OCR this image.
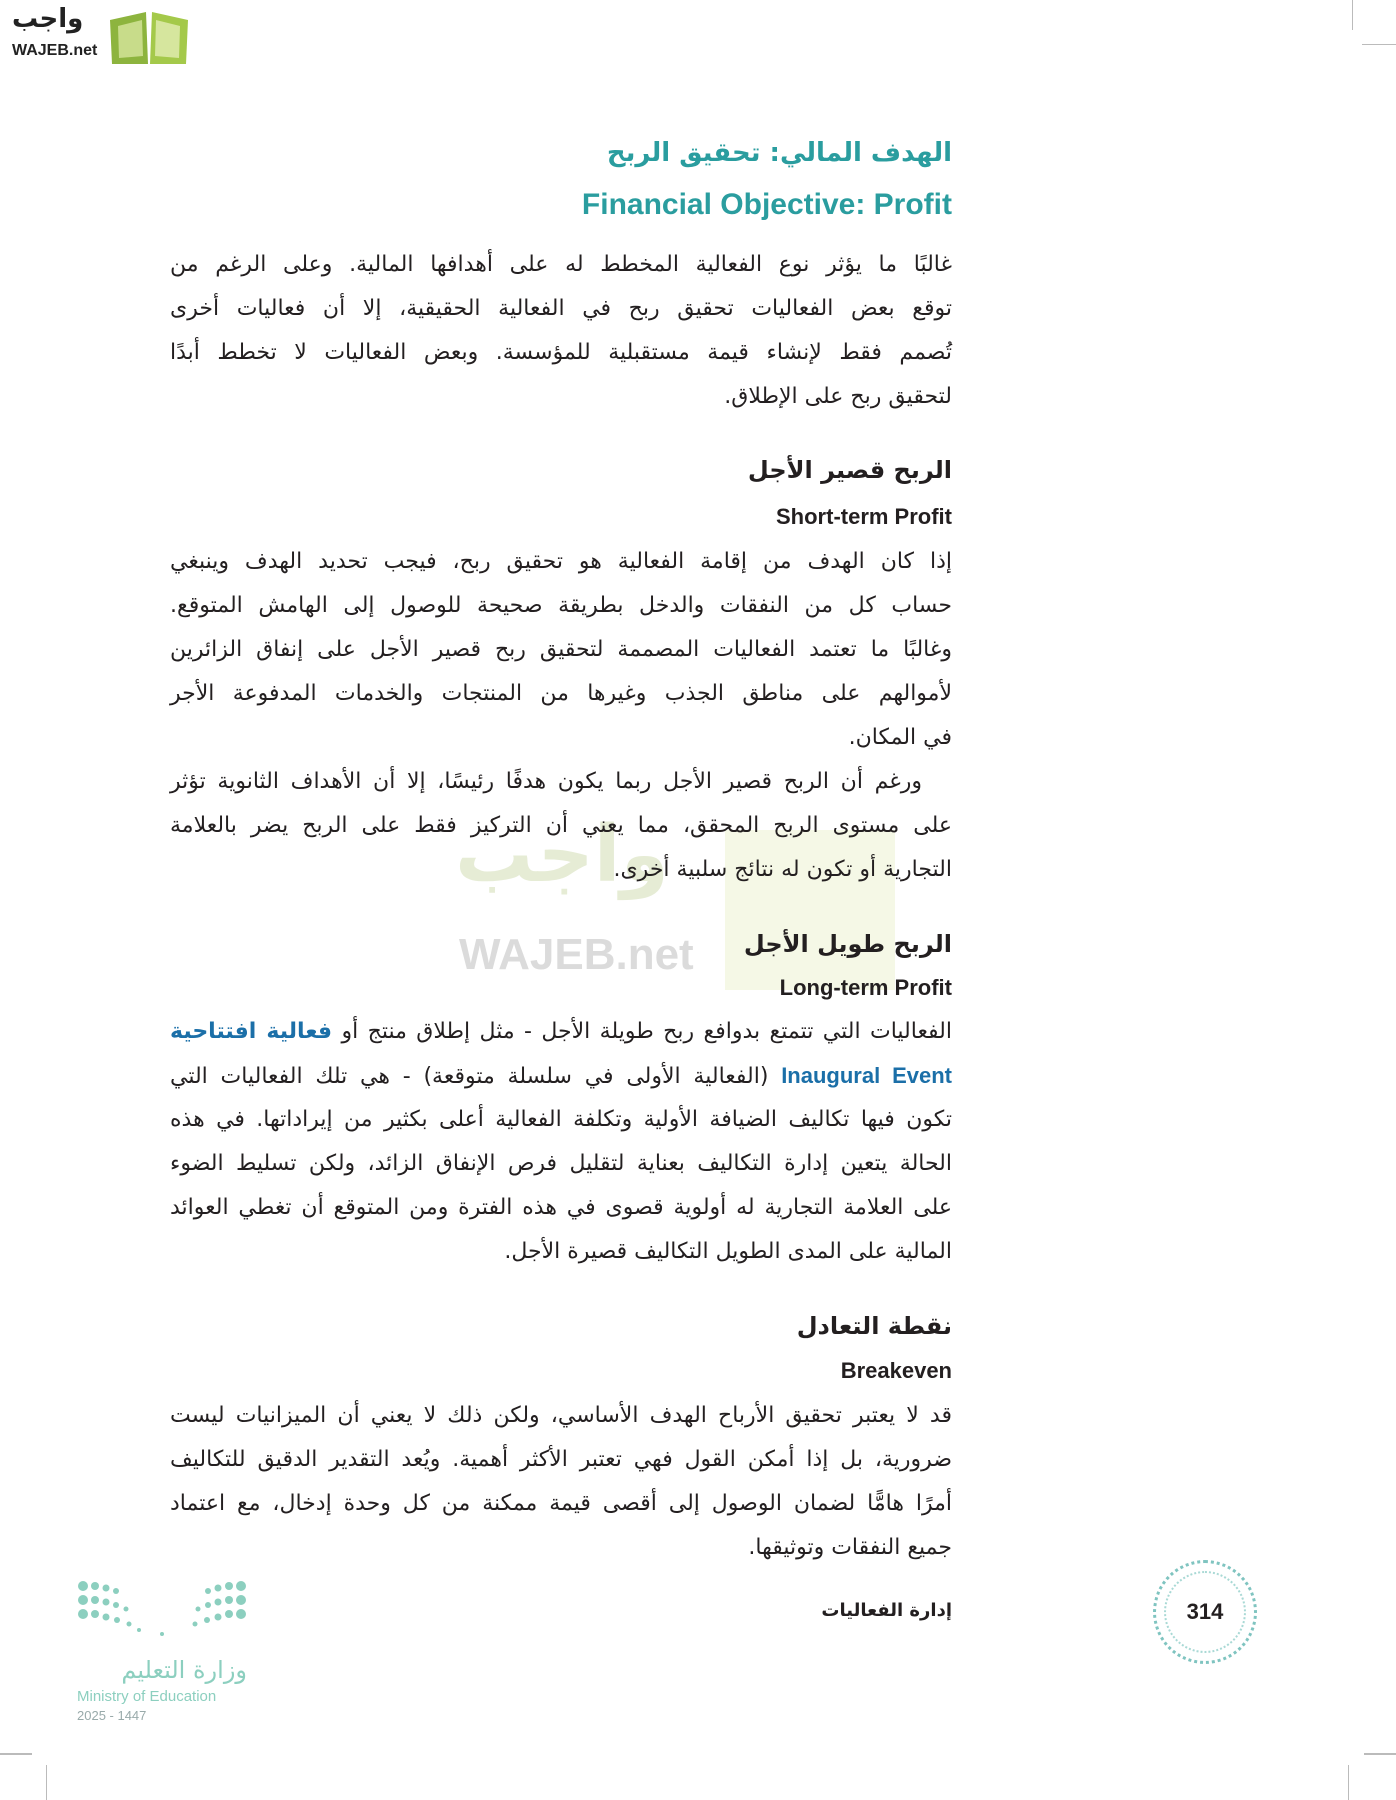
واجب
WAJEB.net
واجب
WAJEB.net
الهدف المالي: تحقيق الربح
Financial Objective: Profit
غالبًا ما يؤثر نوع الفعالية المخطط له على أهدافها المالية. وعلى الرغم من
توقع بعض الفعاليات تحقيق ربح في الفعالية الحقيقية، إلا أن فعاليات أخرى
تُصمم فقط لإنشاء قيمة مستقبلية للمؤسسة. وبعض الفعاليات لا تخطط أبدًا
لتحقيق ربح على الإطلاق.
الربح قصير الأجل
Short-term Profit
إذا كان الهدف من إقامة الفعالية هو تحقيق ربح، فيجب تحديد الهدف وينبغي
حساب كل من النفقات والدخل بطريقة صحيحة للوصول إلى الهامش المتوقع.
وغالبًا ما تعتمد الفعاليات المصممة لتحقيق ربح قصير الأجل على إنفاق الزائرين
لأموالهم على مناطق الجذب وغيرها من المنتجات والخدمات المدفوعة الأجر
في المكان.
ورغم أن الربح قصير الأجل ربما يكون هدفًا رئيسًا، إلا أن الأهداف الثانوية تؤثر
على مستوى الربح المحقق، مما يعني أن التركيز فقط على الربح يضر بالعلامة
التجارية أو تكون له نتائج سلبية أخرى.
الربح طويل الأجل
Long-term Profit
الفعاليات التي تتمتع بدوافع ربح طويلة الأجل - مثل إطلاق منتج أو فعالية افتتاحية
Inaugural Event (الفعالية الأولى في سلسلة متوقعة) - هي تلك الفعاليات التي
تكون فيها تكاليف الضيافة الأولية وتكلفة الفعالية أعلى بكثير من إيراداتها. في هذه
الحالة يتعين إدارة التكاليف بعناية لتقليل فرص الإنفاق الزائد، ولكن تسليط الضوء
على العلامة التجارية له أولوية قصوى في هذه الفترة ومن المتوقع أن تغطي العوائد
المالية على المدى الطويل التكاليف قصيرة الأجل.
نقطة التعادل
Breakeven
قد لا يعتبر تحقيق الأرباح الهدف الأساسي، ولكن ذلك لا يعني أن الميزانيات ليست
ضرورية، بل إذا أمكن القول فهي تعتبر الأكثر أهمية. ويُعد التقدير الدقيق للتكاليف
أمرًا هامًّا لضمان الوصول إلى أقصى قيمة ممكنة من كل وحدة إدخال، مع اعتماد
جميع النفقات وتوثيقها.
إدارة الفعاليات	314
وزارة التعليم
Ministry of Education
2025 - 1447
